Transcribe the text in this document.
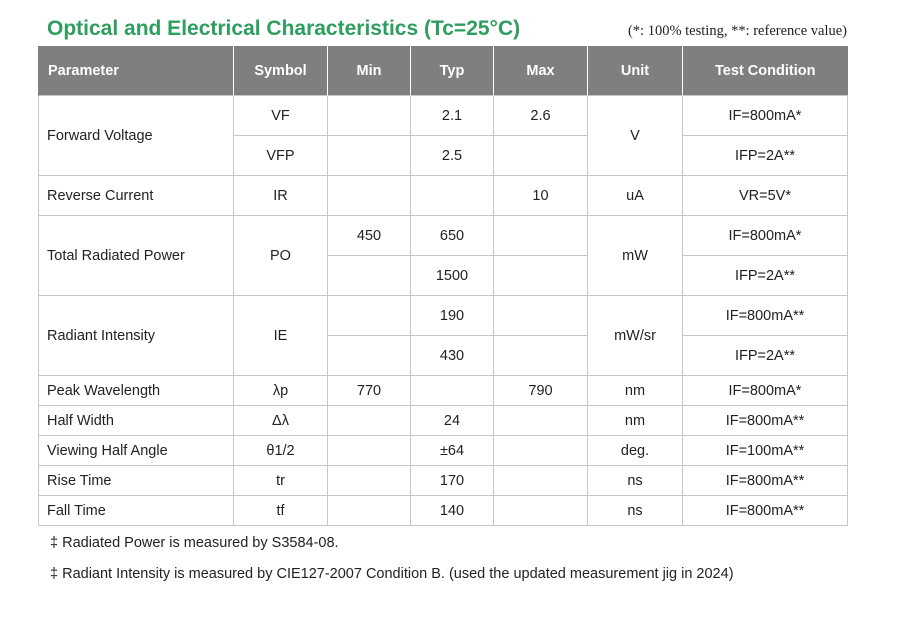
Optical and Electrical Characteristics (Tc=25°C)	(*: 100% testing, **: reference value)
Parameter	Symbol	Min	Typ	Max	Unit	Test Condition
Forward Voltage	VF		2.1	2.6	V	IF=800mA*
	VFP		2.5			IFP=2A**
Reverse Current	IR			10	uA	VR=5V*
Total Radiated Power	PO	450	650		mW	IF=800mA*
			1500			IFP=2A**
Radiant Intensity	IE		190		mW/sr	IF=800mA**
			430			IFP=2A**
Peak Wavelength	λp	770		790	nm	IF=800mA*
Half Width	Δλ		24		nm	IF=800mA**
Viewing Half Angle	θ1/2		±64		deg.	IF=100mA**
Rise Time	tr		170		ns	IF=800mA**
Fall Time	tf		140		ns	IF=800mA**
‡ Radiated Power is measured by S3584-08.
‡ Radiant Intensity is measured by CIE127-2007 Condition B. (used the updated measurement jig in 2024)
